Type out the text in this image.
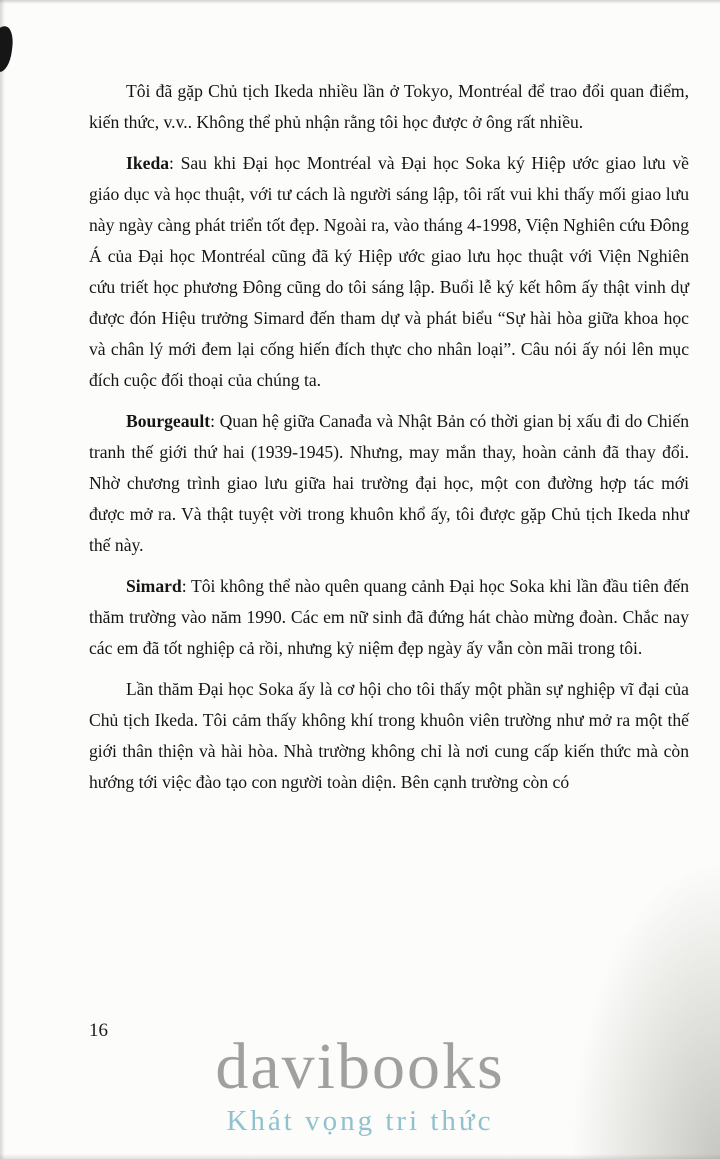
Tôi đã gặp Chủ tịch Ikeda nhiều lần ở Tokyo, Montréal để trao đổi quan điểm, kiến thức, v.v.. Không thể phủ nhận rằng tôi học được ở ông rất nhiều.

Ikeda: Sau khi Đại học Montréal và Đại học Soka ký Hiệp ước giao lưu về giáo dục và học thuật, với tư cách là người sáng lập, tôi rất vui khi thấy mối giao lưu này ngày càng phát triển tốt đẹp. Ngoài ra, vào tháng 4-1998, Viện Nghiên cứu Đông Á của Đại học Montréal cũng đã ký Hiệp ước giao lưu học thuật với Viện Nghiên cứu triết học phương Đông cũng do tôi sáng lập. Buổi lễ ký kết hôm ấy thật vinh dự được đón Hiệu trưởng Simard đến tham dự và phát biểu “Sự hài hòa giữa khoa học và chân lý mới đem lại cống hiến đích thực cho nhân loại”. Câu nói ấy nói lên mục đích cuộc đối thoại của chúng ta.

Bourgeault: Quan hệ giữa Canađa và Nhật Bản có thời gian bị xấu đi do Chiến tranh thế giới thứ hai (1939-1945). Nhưng, may mắn thay, hoàn cảnh đã thay đổi. Nhờ chương trình giao lưu giữa hai trường đại học, một con đường hợp tác mới được mở ra. Và thật tuyệt vời trong khuôn khổ ấy, tôi được gặp Chủ tịch Ikeda như thế này.

Simard: Tôi không thể nào quên quang cảnh Đại học Soka khi lần đầu tiên đến thăm trường vào năm 1990. Các em nữ sinh đã đứng hát chào mừng đoàn. Chắc nay các em đã tốt nghiệp cả rồi, nhưng kỷ niệm đẹp ngày ấy vẫn còn mãi trong tôi.

Lần thăm Đại học Soka ấy là cơ hội cho tôi thấy một phần sự nghiệp vĩ đại của Chủ tịch Ikeda. Tôi cảm thấy không khí trong khuôn viên trường như mở ra một thế giới thân thiện và hài hòa. Nhà trường không chỉ là nơi cung cấp kiến thức mà còn hướng tới việc đào tạo con người toàn diện. Bên cạnh trường còn có

16	davibooks
Khát vọng tri thức
